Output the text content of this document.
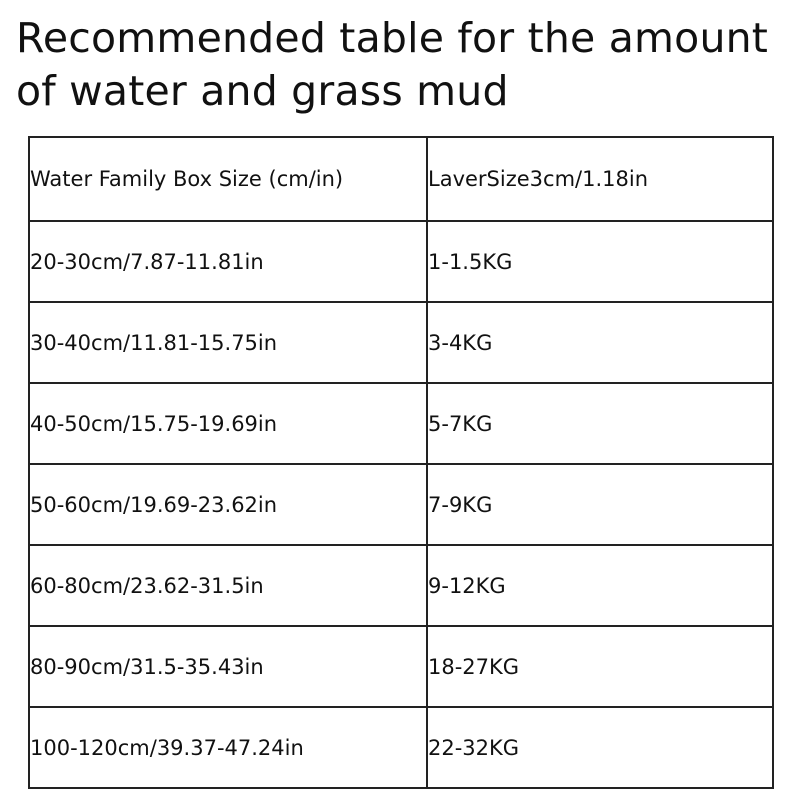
Recommended table for the amount of water and grass mud
Water Family Box Size (cm/in)	LaverSize3cm/1.18in
20-30cm/7.87-11.81in	1-1.5KG
30-40cm/11.81-15.75in	3-4KG
40-50cm/15.75-19.69in	5-7KG
50-60cm/19.69-23.62in	7-9KG
60-80cm/23.62-31.5in	9-12KG
80-90cm/31.5-35.43in	18-27KG
100-120cm/39.37-47.24in	22-32KG
